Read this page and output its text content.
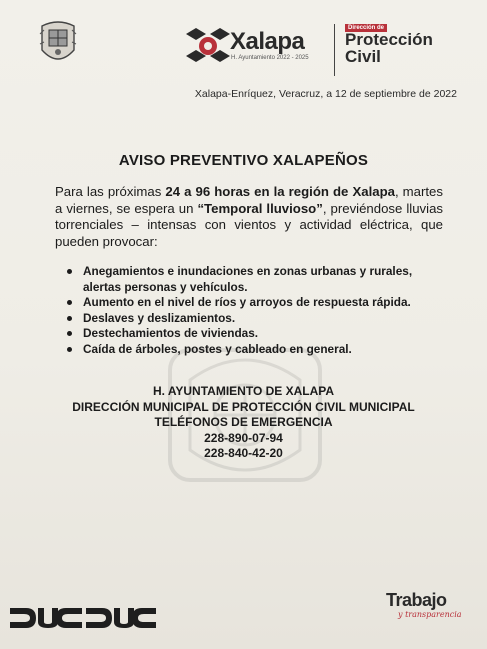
Xalapa
H. Ayuntamiento 2022 - 2025
Dirección de
Protección
Civil
Xalapa-Enríquez, Veracruz, a 12 de septiembre de 2022
AVISO PREVENTIVO XALAPEÑOS
Para las próximas 24 a 96 horas en la región de Xalapa, martes a viernes, se espera un “Temporal lluvioso”, previéndose lluvias torrenciales – intensas con vientos y actividad eléctrica, que pueden provocar:
Anegamientos e inundaciones en zonas urbanas y rurales, alertas personas y vehículos.
Aumento en el nivel de ríos y arroyos de respuesta rápida.
Deslaves y deslizamientos.
Destechamientos de viviendas.
Caída de árboles, postes y cableado en general.
H. AYUNTAMIENTO DE XALAPA
DIRECCIÓN MUNICIPAL DE PROTECCIÓN CIVIL MUNICIPAL
TELÉFONOS DE EMERGENCIA
228-890-07-94
228-840-42-20
Trabajo
y transparencia
